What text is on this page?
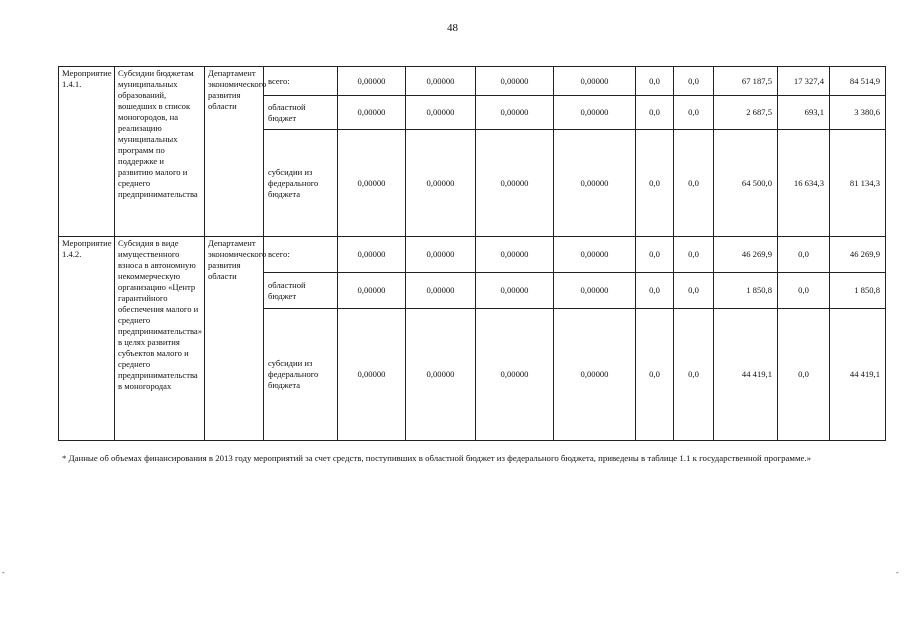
48
Мероприятие 1.4.1.	Субсидии бюджетам муниципальных образований, вошедших в список моногородов, на реализацию муниципальных программ по поддержке и развитию малого и среднего предпринимательства	Департамент экономического развития области	всего:	0,00000	0,00000	0,00000	0,00000	0,0	0,0	67 187,5	17 327,4	84 514,9
			областной бюджет	0,00000	0,00000	0,00000	0,00000	0,0	0,0	2 687,5	693,1	3 380,6
			субсидии из федерального бюджета	0,00000	0,00000	0,00000	0,00000	0,0	0,0	64 500,0	16 634,3	81 134,3
Мероприятие 1.4.2.	Субсидия в виде имущественного взноса в автономную некоммерческую организацию «Центр гарантийного обеспечения малого и среднего предпринимательства» в целях развития субъектов малого и среднего предпринимательства в моногородах	Департамент экономического развития области	всего:	0,00000	0,00000	0,00000	0,00000	0,0	0,0	46 269,9	0,0	46 269,9
			областной бюджет	0,00000	0,00000	0,00000	0,00000	0,0	0,0	1 850,8	0,0	1 850,8
			субсидии из федерального бюджета	0,00000	0,00000	0,00000	0,00000	0,0	0,0	44 419,1	0,0	44 419,1
* Данные об объемах финансирования в 2013 году мероприятий за счет средств, поступивших в областной бюджет из федерального бюджета, приведены в таблице 1.1 к государственной программе.»
-	-
